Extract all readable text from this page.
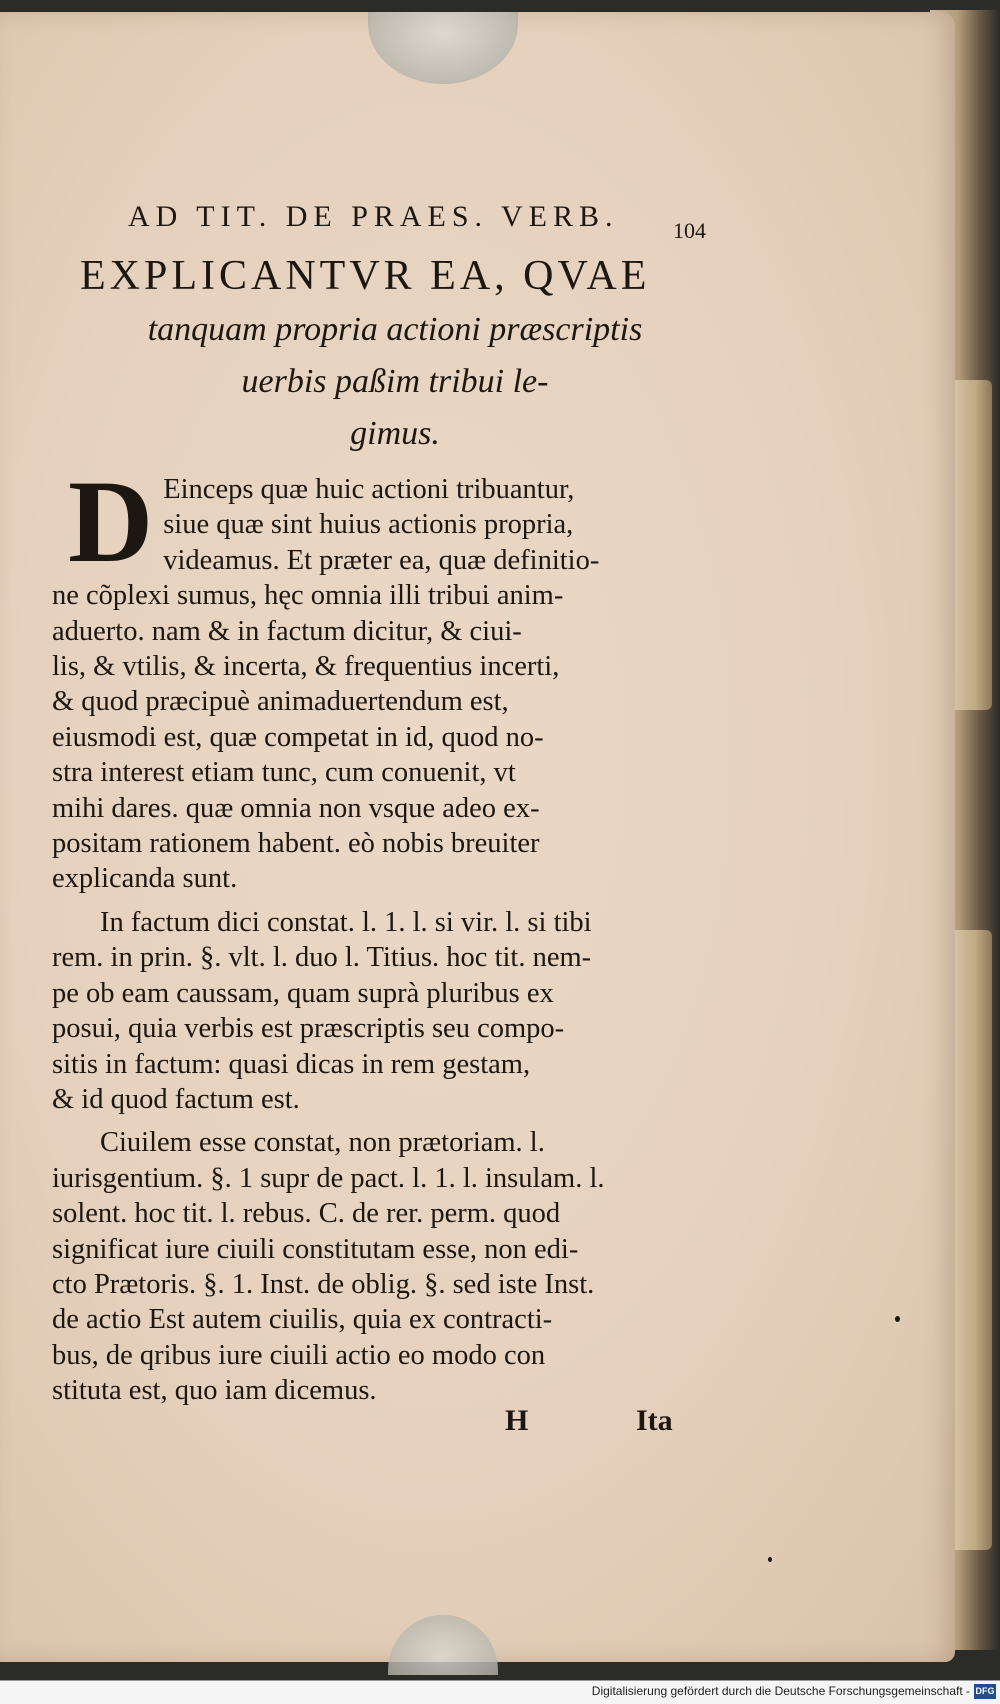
AD TIT. DE PRAES. VERB.	104
EXPLICANTVR EA, QVAE
tanquam propria actioni præscriptis
uerbis paßim tribui le-
gimus.
D Einceps quæ huic actioni tribuantur,
siue quæ sint huius actionis propria,
videamus. Et præter ea, quæ definitio-
ne cõplexi sumus, hęc omnia illi tribui anim-
aduerto. nam & in factum dicitur, & ciui-
lis, & vtilis, & incerta, & frequentius incerti,
& quod præcipuè animaduertendum est,
eiusmodi est, quæ competat in id, quod no-
stra interest etiam tunc, cum conuenit, vt
mihi dares. quæ omnia non vsque adeo ex-
positam rationem habent. eò nobis breuiter
explicanda sunt.
In factum dici constat. l. 1. l. si vir. l. si tibi
rem. in prin. §. vlt. l. duo l. Titius. hoc tit. nem-
pe ob eam caussam, quam suprà pluribus ex
posui, quia verbis est præscriptis seu compo-
sitis in factum: quasi dicas in rem gestam,
& id quod factum est.
Ciuilem esse constat, non prætoriam. l.
iurisgentium. §. 1 supr de pact. l. 1. l. insulam. l.
solent. hoc tit. l. rebus. C. de rer. perm. quod
significat iure ciuili constitutam esse, non edi-
cto Prætoris. §. 1. Inst. de oblig. §. sed iste Inst.
de actio Est autem ciuilis, quia ex contracti-
bus, de qribus iure ciuili actio eo modo con
stituta est, quo iam dicemus.
H	Ita
Digitalisierung gefördert durch die Deutsche Forschungsgemeinschaft - DFG
